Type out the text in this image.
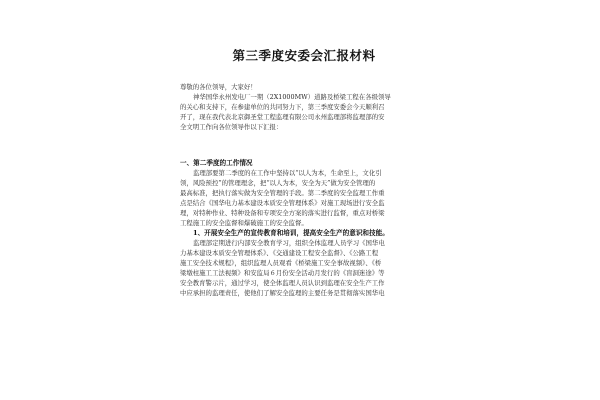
第三季度安委会汇报材料
尊敬的各位领导，大家好！
神华国华永州发电厂一期（2X1000MW）道路及桥梁工程在各级领导
的关心和支持下，在参建单位的共同努力下，第三季度安委会今天顺利召
开了，现在我代表北京御圣堂工程监理有限公司永州监理部将监理部的安
全文明工作向各位领导作以下汇报：
一、第二季度的工作情况
监理部要第二季度的在工作中坚持以“以人为本，生命至上，文化引
领，风险预控”的管理理念，把“以人为本，安全为天”做为安全管理的
最高标准，把执行落实做为安全管理的手段。第二季度的安全监理工作重
点是结合《国华电力基本建设本质安全管理体系》对施工现场进行安全监
理，对特种作业、特种设备和专项安全方案的落实进行监督，重点对桥梁
工程施工的安全监督和爆破施工的安全监督。
1、开展安全生产的宣传教育和培训，提高安全生产的意识和技能。
监理部定期进行内部安全教育学习，组织全体监理人员学习《国华电
力基本建设本质安全管理体系》、《交通建设工程安全监督》、《公路工程
施工安全技术规程》，组织监理人员观看《桥梁施工安全事故视频》、《桥
梁墩柱施工工法视频》和安监局６月份安全活动月发行的《盲洞迷途》等
安全教育警示片，通过学习，使全体监理人员认识到监理在安全生产工作
中应承担的监理责任，使他们了解安全监理的主要任务是贯彻落实国华电
